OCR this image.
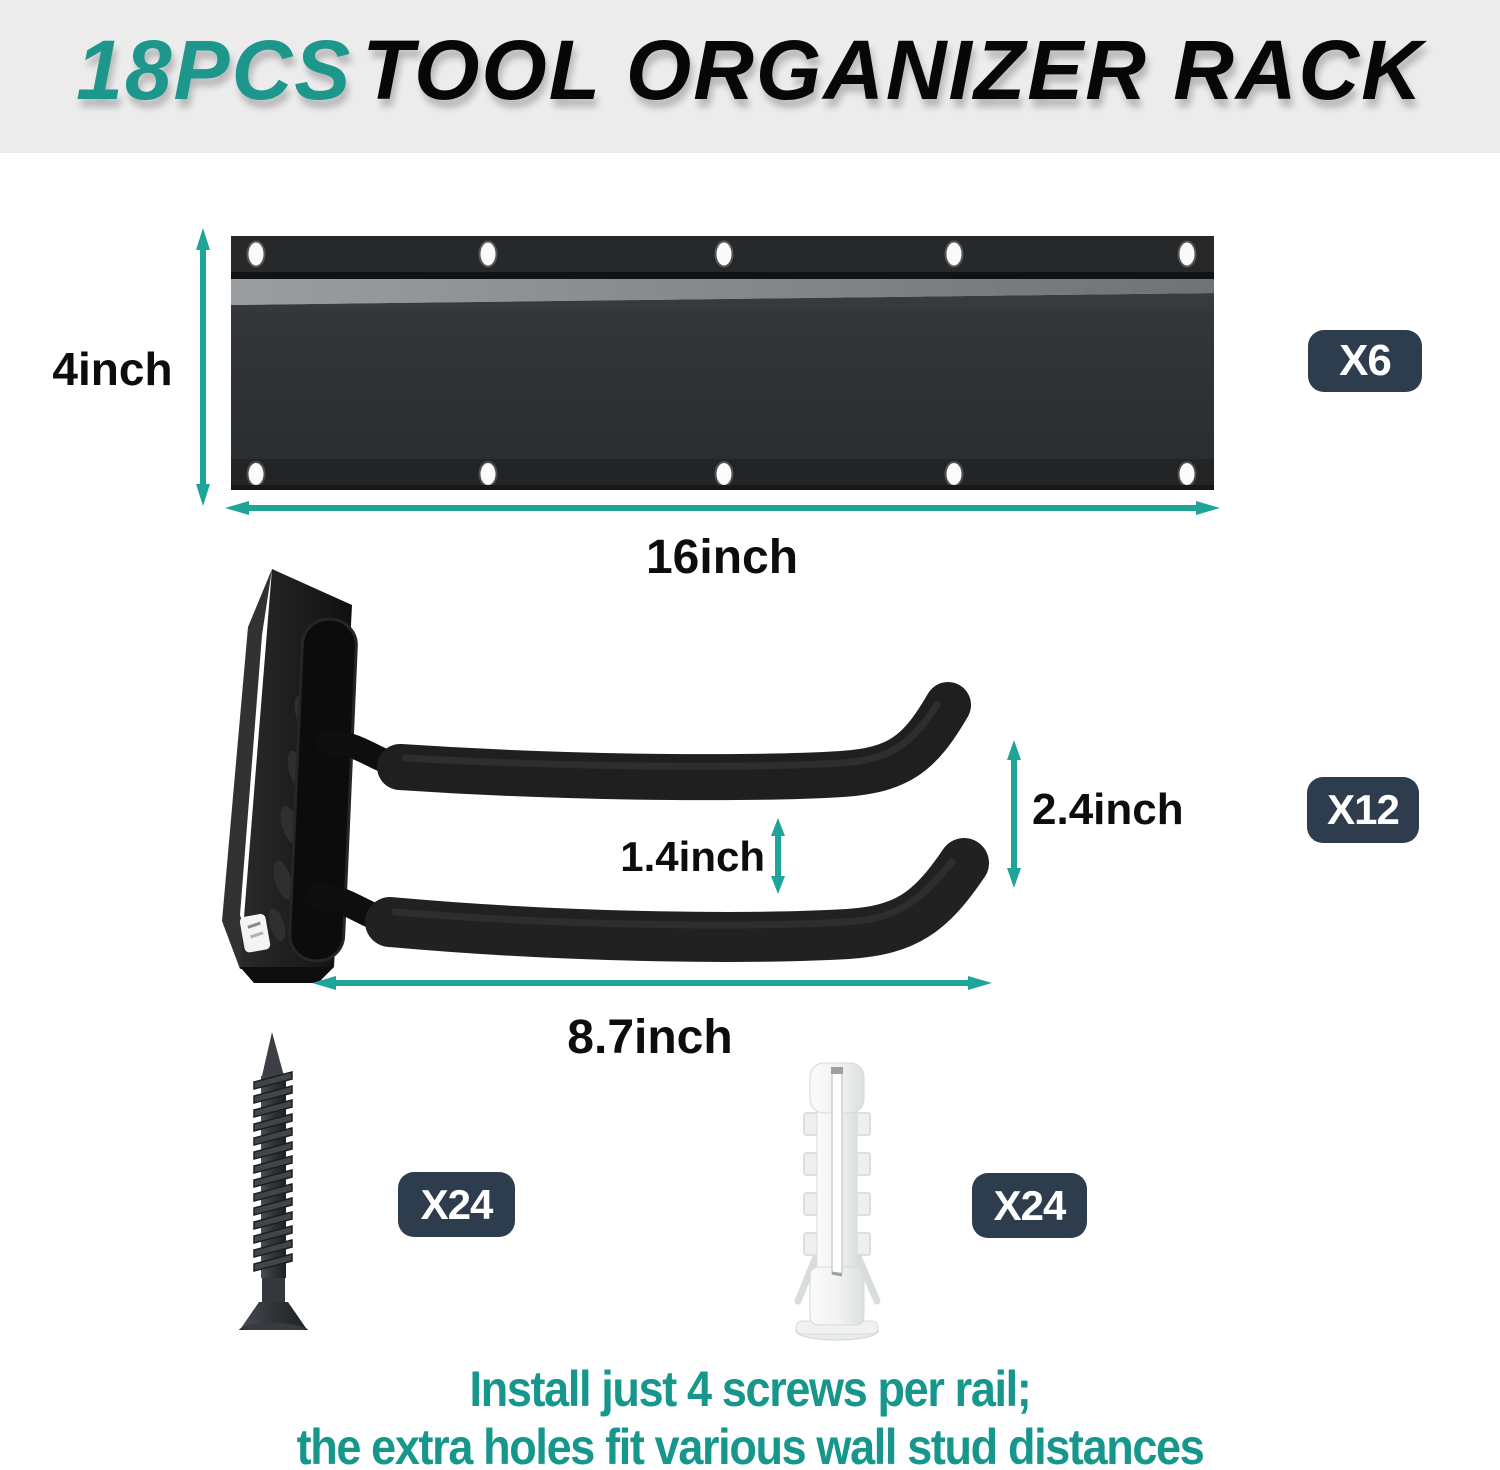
18PCS TOOL ORGANIZER RACK
4inch	X6
16inch
1.4inch
2.4inch	X12
8.7inch
X24	X24
Install just 4 screws per rail;
the extra holes fit various wall stud distances
